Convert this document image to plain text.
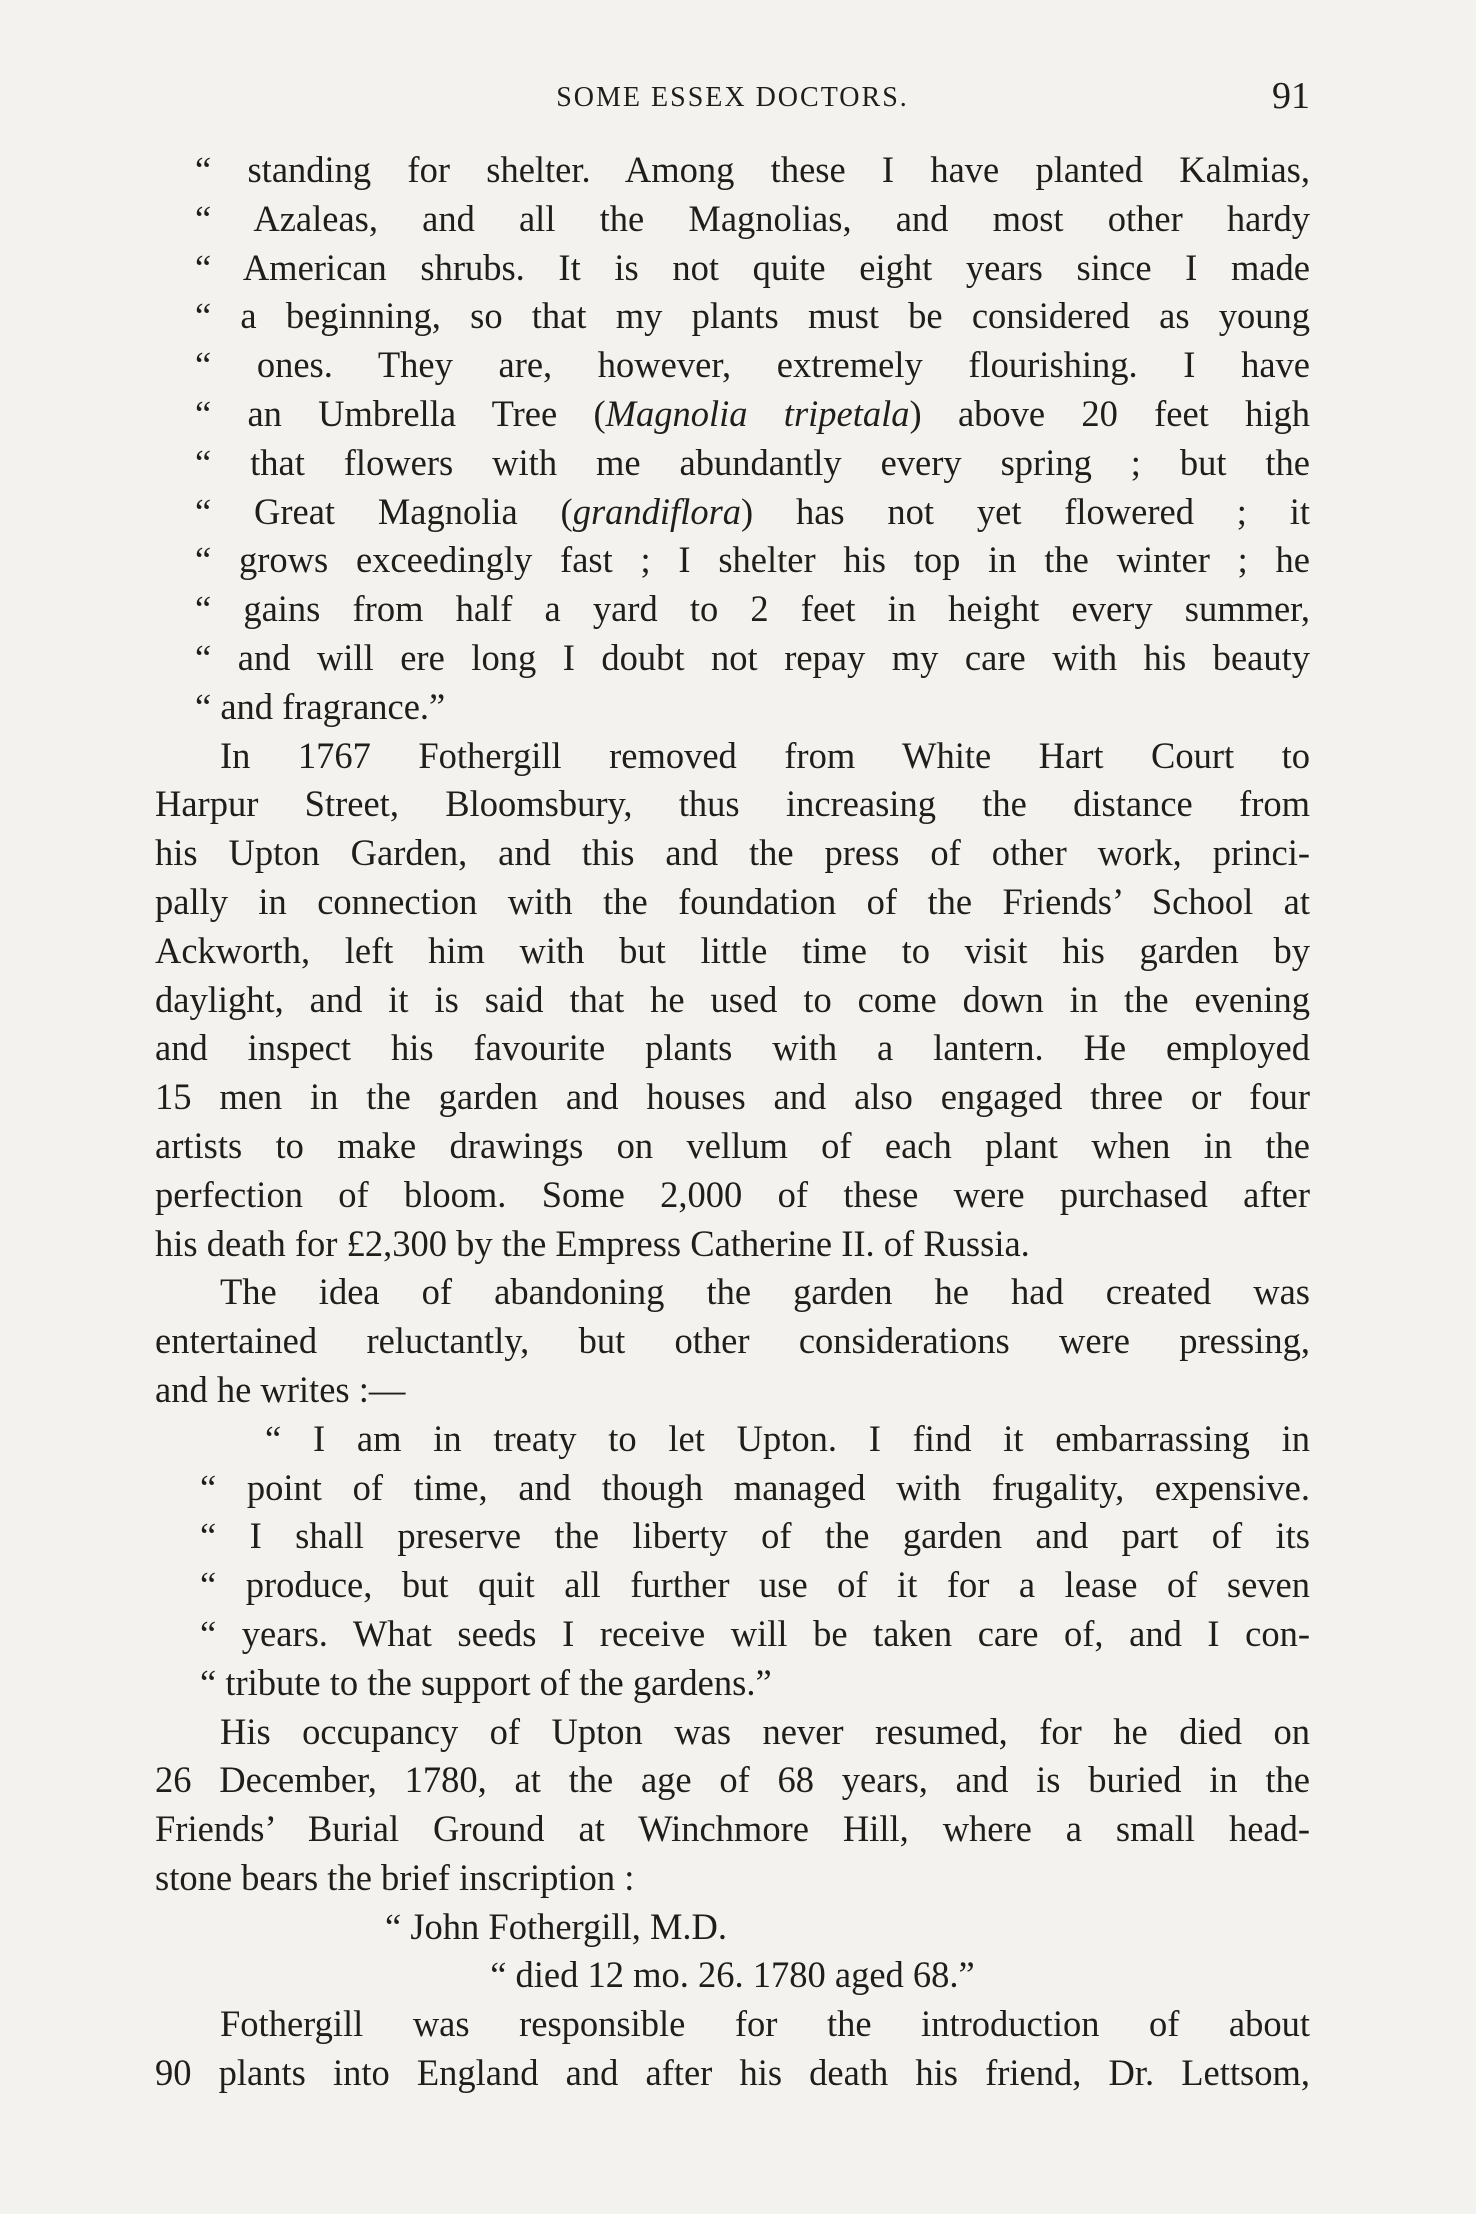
SOME ESSEX DOCTORS.	91
“ standing for shelter. Among these I have planted Kalmias,
“ Azaleas, and all the Magnolias, and most other hardy
“ American shrubs. It is not quite eight years since I made
“ a beginning, so that my plants must be considered as young
“ ones. They are, however, extremely flourishing. I have
“ an Umbrella Tree (Magnolia tripetala) above 20 feet high
“ that flowers with me abundantly every spring ; but the
“ Great Magnolia (grandiflora) has not yet flowered ; it
“ grows exceedingly fast ; I shelter his top in the winter ; he
“ gains from half a yard to 2 feet in height every summer,
“ and will ere long I doubt not repay my care with his beauty
“ and fragrance.”
In 1767 Fothergill removed from White Hart Court to
Harpur Street, Bloomsbury, thus increasing the distance from
his Upton Garden, and this and the press of other work, princi-
pally in connection with the foundation of the Friends’ School at
Ackworth, left him with but little time to visit his garden by
daylight, and it is said that he used to come down in the evening
and inspect his favourite plants with a lantern. He employed
15 men in the garden and houses and also engaged three or four
artists to make drawings on vellum of each plant when in the
perfection of bloom. Some 2,000 of these were purchased after
his death for £2,300 by the Empress Catherine II. of Russia.
The idea of abandoning the garden he had created was
entertained reluctantly, but other considerations were pressing,
and he writes :—
“ I am in treaty to let Upton. I find it embarrassing in
“ point of time, and though managed with frugality, expensive.
“ I shall preserve the liberty of the garden and part of its
“ produce, but quit all further use of it for a lease of seven
“ years. What seeds I receive will be taken care of, and I con-
“ tribute to the support of the gardens.”
His occupancy of Upton was never resumed, for he died on
26 December, 1780, at the age of 68 years, and is buried in the
Friends’ Burial Ground at Winchmore Hill, where a small head-
stone bears the brief inscription :
“ John Fothergill, M.D.
“ died 12 mo. 26. 1780 aged 68.”
Fothergill was responsible for the introduction of about
90 plants into England and after his death his friend, Dr. Lettsom,
